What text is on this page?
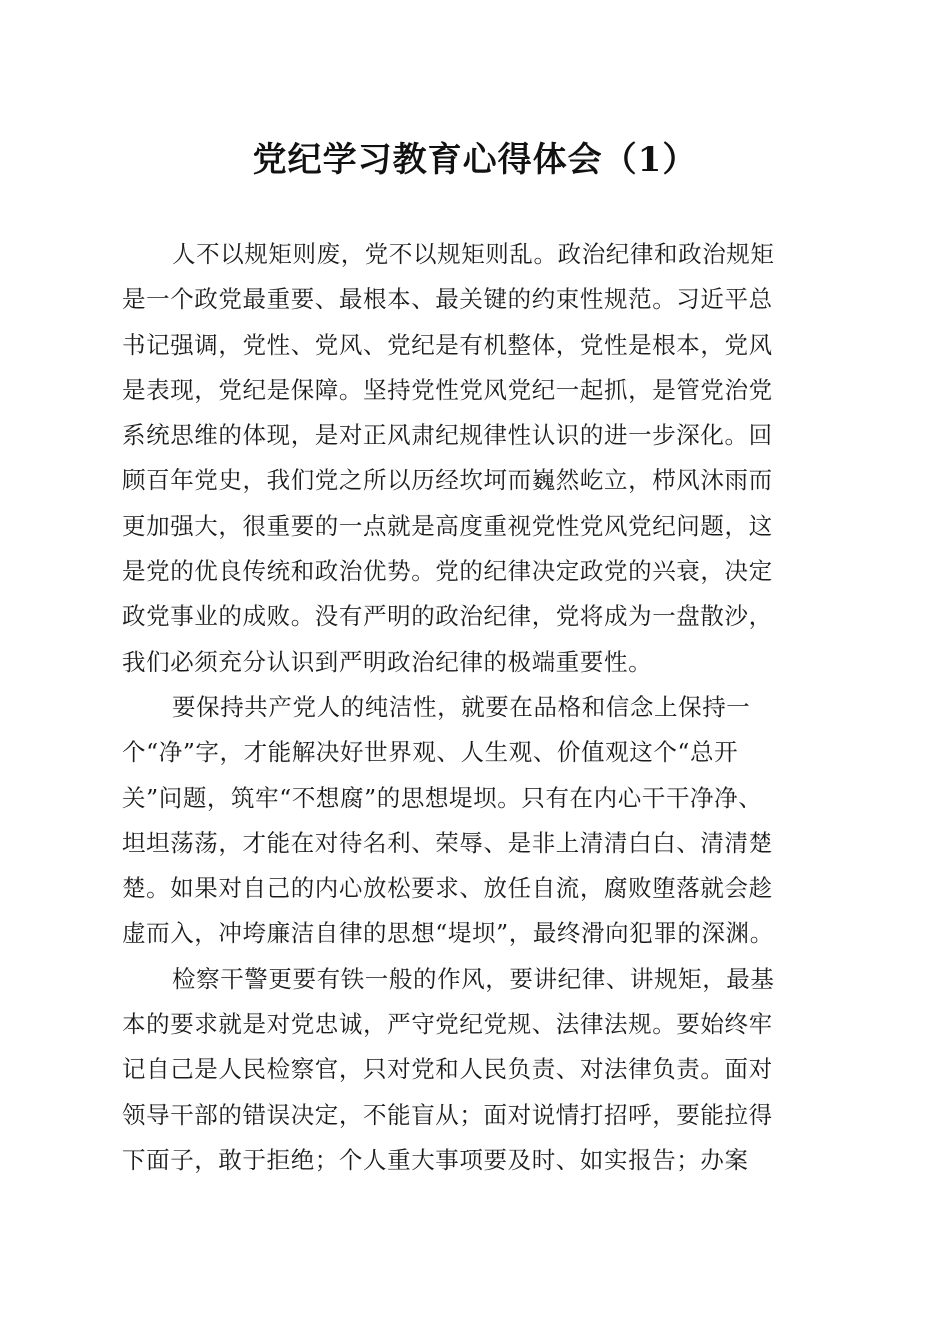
党纪学习教育心得体会（1）
人不以规矩则废，党不以规矩则乱。政治纪律和政治规矩
是一个政党最重要、最根本、最关键的约束性规范。习近平总
书记强调，党性、党风、党纪是有机整体，党性是根本，党风
是表现，党纪是保障。坚持党性党风党纪一起抓，是管党治党
系统思维的体现，是对正风肃纪规律性认识的进一步深化。回
顾百年党史，我们党之所以历经坎坷而巍然屹立，栉风沐雨而
更加强大，很重要的一点就是高度重视党性党风党纪问题，这
是党的优良传统和政治优势。党的纪律决定政党的兴衰，决定
政党事业的成败。没有严明的政治纪律，党将成为一盘散沙，
我们必须充分认识到严明政治纪律的极端重要性。
要保持共产党人的纯洁性，就要在品格和信念上保持一
个“净”字，才能解决好世界观、人生观、价值观这个“总开
关”问题，筑牢“不想腐”的思想堤坝。只有在内心干干净净、
坦坦荡荡，才能在对待名利、荣辱、是非上清清白白、清清楚
楚。如果对自己的内心放松要求、放任自流，腐败堕落就会趁
虚而入，冲垮廉洁自律的思想“堤坝”，最终滑向犯罪的深渊。
检察干警更要有铁一般的作风，要讲纪律、讲规矩，最基
本的要求就是对党忠诚，严守党纪党规、法律法规。要始终牢
记自己是人民检察官，只对党和人民负责、对法律负责。面对
领导干部的错误决定，不能盲从；面对说情打招呼，要能拉得
下面子，敢于拒绝；个人重大事项要及时、如实报告；办案
